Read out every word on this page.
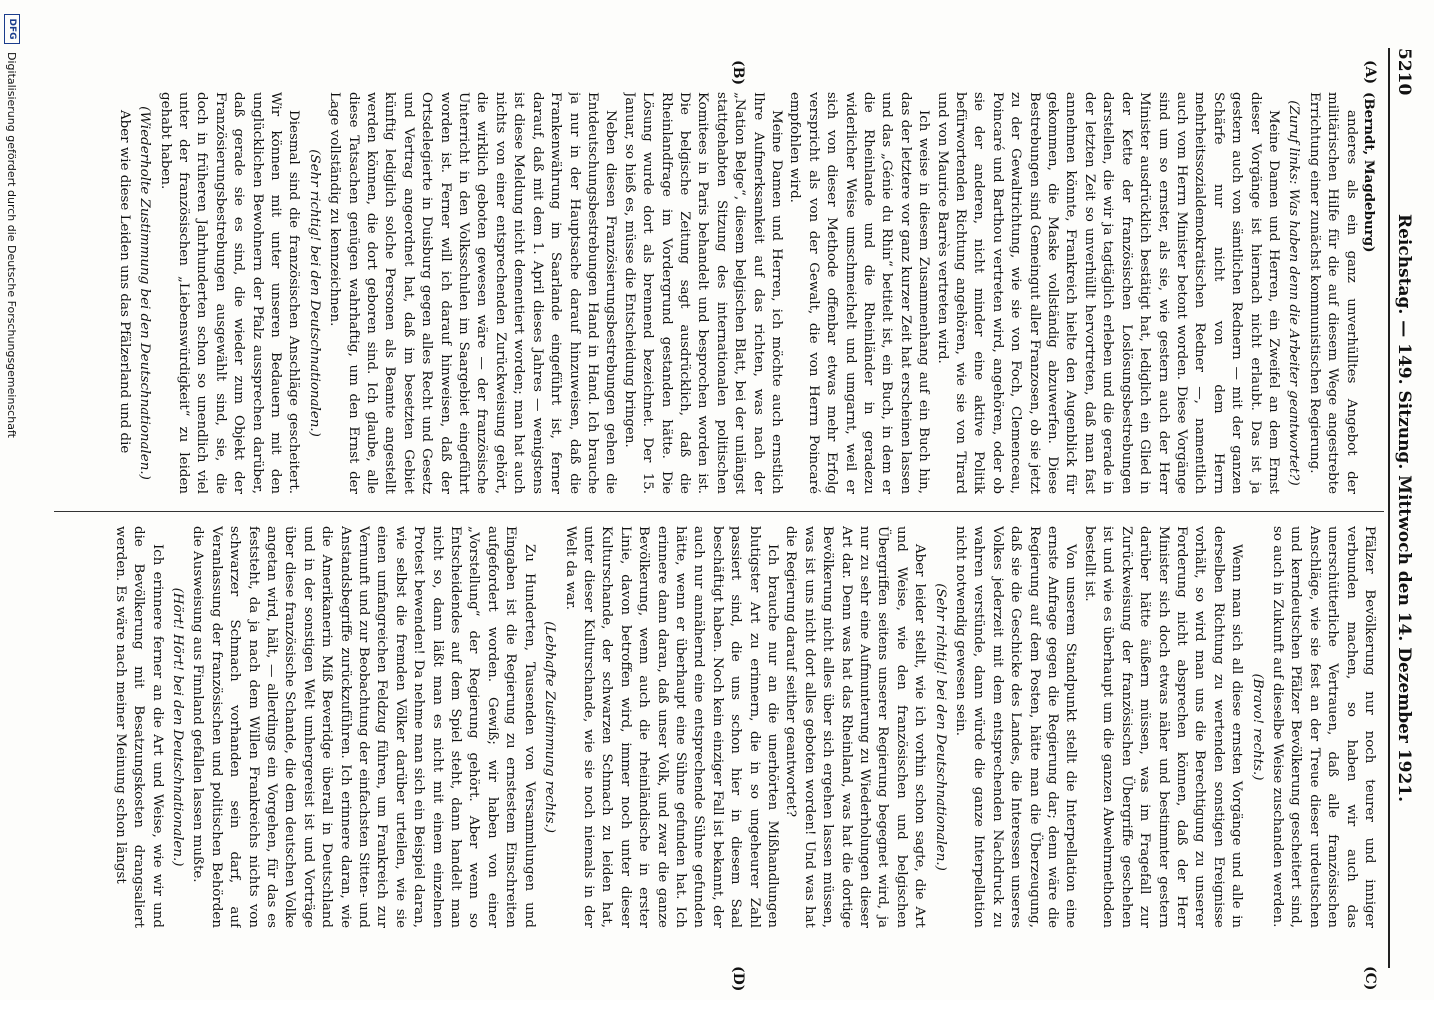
5210
Reichstag. — 149. Sitzung. Mittwoch den 14. Dezember 1921.
(A)
(B)
(C)
(D)

(Berndt, Magdeburg)

anderes als ein ganz unverhülltes Angebot der militärischen Hilfe für die auf diesem Wege angestrebte Errichtung einer zunächst kommunistischen Regierung.

(Zuruf links: Was haben denn die Arbeiter geantwortet?)

Meine Damen und Herren, ein Zweifel an dem Ernst dieser Vorgänge ist hiernach nicht erlaubt. Das ist ja gestern auch von sämtlichen Rednern — mit der ganzen Schärfe nur nicht von dem Herrn mehrheitssozialdemokratischen Redner —, namentlich auch vom Herrn Minister betont worden. Diese Vorgänge sind um so ernster, als sie, wie gestern auch der Herr Minister ausdrücklich bestätigt hat, lediglich ein Glied in der Kette der französischen Loslösungsbestrebungen darstellen, die wir ja tagtäglich erleben und die gerade in der letzten Zeit so unverhüllt hervortreten, daß man fast annehmen könnte, Frankreich hielte den Augenblick für gekommen, die Maske vollständig abzuwerfen. Diese Bestrebungen sind Gemeingut aller Franzosen, ob sie jetzt zu der Gewaltrichtung, wie sie von Foch, Clemenceau, Poincaré und Barthou vertreten wird, angehören, oder ob sie der anderen, nicht minder eine aktive Politik befürwortenden Richtung angehören, wie sie von Tirard und von Maurice Barrès vertreten wird.

Ich weise in diesem Zusammenhang auf ein Buch hin, das der letztere vor ganz kurzer Zeit hat erscheinen lassen und das „Génie du Rhin“ betitelt ist, ein Buch, in dem er die Rheinlande und die Rheinländer in geradezu widerlicher Weise umschmeichelt und umgarnt, weil er sich von dieser Methode offenbar etwas mehr Erfolg verspricht als von der Gewalt, die von Herrn Poincaré empfohlen wird.

Meine Damen und Herren, ich möchte auch ernstlich Ihre Aufmerksamkeit auf das richten, was nach der „Nation Belge“, diesem belgischen Blatt, bei der unlängst stattgehabten Sitzung des internationalen politischen Komitees in Paris behandelt und besprochen worden ist. Die belgische Zeitung sagt ausdrücklich, daß die Rheinlandfrage im Vordergrund gestanden hätte. Die Lösung wurde dort als brennend bezeichnet. Der 15. Januar, so hieß es, müsse die Entscheidung bringen.

Neben diesen Französierungsbestrebungen gehen die Entdeutschungsbestrebungen Hand in Hand. Ich brauche ja nur in der Hauptsache darauf hinzuweisen, daß die Frankenwährung im Saarlande eingeführt ist, ferner darauf, daß mit dem 1. April dieses Jahres — wenigstens ist diese Meldung nicht dementiert worden; man hat auch nichts von einer entsprechenden Zurückweisung gehört, die wirklich geboten gewesen wäre — der französische Unterricht in den Volksschulen im Saargebiet eingeführt worden ist. Ferner will ich darauf hinweisen, daß der Ortsdelegierte in Duisburg gegen alles Recht und Gesetz und Vertrag angeordnet hat, daß im besetzten Gebiet künftig lediglich solche Personen als Beamte angestellt werden können, die dort geboren sind. Ich glaube, alle diese Tatsachen genügen wahrhaftig, um den Ernst der Lage vollständig zu kennzeichnen.

(Sehr richtig! bei den Deutschnationalen.)

Diesmal sind die französischen Anschläge gescheitert. Wir können mit unter unseren Bedauern mit den unglücklichen Bewohnern der Pfalz aussprechen darüber, daß gerade sie es sind, die wieder zum Objekt der Französierungsbestrebungen ausgewählt sind, sie, die doch in früheren Jahrhunderten schon so unendlich viel unter der französischen „Liebenswürdigkeit“ zu leiden gehabt haben.

(Wiederholte Zustimmung bei den Deutschnationalen.)

Aber wie diese Leiden uns das Pfälzerland und die

Pfälzer Bevölkerung nur noch teurer und inniger verbunden machen, so haben wir auch das unerschütterliche Vertrauen, daß alle französischen Anschläge, wie sie fest an der Treue dieser urdeutschen und kerndeutschen Pfälzer Bevölkerung gescheitert sind, so auch in Zukunft auf dieselbe Weise zuschanden werden.

(Bravo! rechts.)

Wenn man sich all diese ernsten Vorgänge und alle in derselben Richtung zu wertenden sonstigen Ereignisse vorhält, so wird man uns die Berechtigung zu unserer Forderung nicht absprechen können, daß der Herr Minister sich doch etwas näher und bestimmter gestern darüber hätte äußern müssen, was im Fragefall zur Zurückweisung der französischen Übergriffe geschehen ist und wie es überhaupt um die ganzen Abwehrmethoden bestellt ist.

Von unserem Standpunkt stellt die Interpellation eine ernste Anfrage gegen die Regierung dar; denn wäre die Regierung auf dem Posten, hätte man die Überzeugung, daß sie die Geschicke des Landes, die Interessen unseres Volkes jederzeit mit dem entsprechenden Nachdruck zu wahren verstünde, dann würde die ganze Interpellation nicht notwendig gewesen sein.

(Sehr richtig! bei den Deutschnationalen.)

Aber leider stellt, wie ich vorhin schon sagte, die Art und Weise, wie den französischen und belgischen Übergriffen seitens unserer Regierung begegnet wird, ja nur zu sehr eine Aufmunterung zu Wiederholungen dieser Art dar. Denn was hat das Rheinland, was hat die dortige Bevölkerung nicht alles über sich ergehen lassen müssen, was ist uns nicht dort alles geboten worden! Und was hat die Regierung darauf seither geantwortet?

Ich brauche nur an die unerhörten Mißhandlungen blutigster Art zu erinnern, die in so ungeheurer Zahl passiert sind, die uns schon hier in diesem Saal beschäftigt haben. Noch kein einziger Fall ist bekannt, der auch nur annähernd eine entsprechende Sühne gefunden hätte, wenn er überhaupt eine Sühne gefunden hat. Ich erinnere dann daran, daß unser Volk, und zwar die ganze Bevölkerung, wenn auch die rheinländische in erster Linie, davon betroffen wird, immer noch unter dieser Kulturschande, der schwarzen Schmach zu leiden hat, unter dieser Kulturschande, wie sie noch niemals in der Welt da war.

(Lebhafte Zustimmung rechts.)

Zu Hunderten, Tausenden von Versammlungen und Eingaben ist die Regierung zu ernstestem Einschreiten aufgefordert worden. Gewiß; wir haben von einer „Vorstellung“ der Regierung gehört. Aber wenn so Entscheidendes auf dem Spiel steht, dann handelt man nicht so, dann läßt man es nicht mit einem einzelnen Protest bewenden! Da nehme man sich ein Beispiel daran, wie selbst die fremden Völker darüber urteilen, wie sie einen umfangreichen Feldzug führen, um Frankreich zur Vernunft und zur Beobachtung der einfachsten Sitten- und Anstandsbegriffe zurückzuführen. Ich erinnere daran, wie die Amerikanerin Miß Beveridge überall in Deutschland und in der sonstigen Welt umhergereist ist und Vorträge über diese französische Schande, die dem deutschen Volke angetan wird, hält, — allerdings ein Vorgehen, für das es feststeht, da ja nach dem Willen Frankreichs nichts von schwarzer Schmach vorhanden sein darf, auf Veranlassung der französischen und politischen Behörden die Ausweisung aus Finnland gefallen lassen mußte.

(Hört! Hört! bei den Deutschnationalen.)

Ich erinnere ferner an die Art und Weise, wie wir und die Bevölkerung mit Besatzungskosten drangsaliert werden. Es wäre nach meiner Meinung schon längst

DFG
Digitalisierung gefördert durch die Deutsche Forschungsgemeinschaft
